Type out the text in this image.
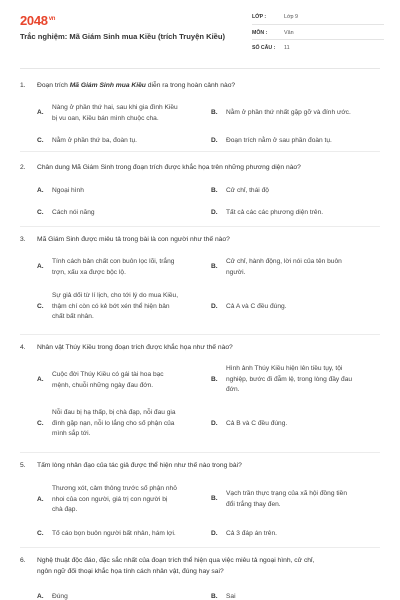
$2048^{vn}$
Trắc nghiệm: Mã Giám Sinh mua Kiều (trích Truyện Kiều)
LỚP :	Lớp 9
MÔN :	Văn
SỐ CÂU : 11
1. Đoạn trích Mã Giám Sinh mua Kiều diễn ra trong hoàn cảnh nào?
A.
Nàng ở phần thứ hai, sau khi gia đình Kiều
bị vu oan, Kiều bán mình chuộc cha.
B. Nằm ở phần thứ nhất gặp gỡ và đính ước.
C. Nằm ở phần thứ ba, đoàn tụ.	D. Đoạn trích nằm ở sau phần đoàn tụ.
2. Chân dung Mã Giám Sinh trong đoạn trích được khắc họa trên những phương diện nào?
A. Ngoại hình	B. Cử chỉ, thái độ
C. Cách nói năng	D. Tất cả các các phương diện trên.
3. Mã Giám Sinh được miêu tả trong bài là con người như thế nào?
A.
Tính cách bản chất con buôn lọc lõi, trắng
trợn, xấu xa được bộc lộ.
B.
Cử chỉ, hành động, lời nói của tên buôn
người.
C.
Sự giả dối từ lí lịch, cho tới lý do mua Kiều,
thậm chí còn có kẻ bớt xén thể hiện bản
chất bất nhân.
D. Cả A và C đều đúng.
4. Nhân vật Thúy Kiều trong đoạn trích được khắc họa như thế nào?
A.
Cuộc đời Thúy Kiều có gái tài hoa bạc
mệnh, chuỗi những ngày đau đớn.
B.
Hình ảnh Thúy Kiều hiện lên tiều tụy, tội
nghiệp, bước đi đẫm lệ, trong lòng đầy đau
đớn.
C.
Nỗi đau bị hạ thấp, bị chà đạp, nỗi đau gia
đình gặp nạn, nỗi lo lắng cho số phận của
mình sắp tới.
D. Cả B và C đều đúng.
5. Tấm lòng nhân đạo của tác giả được thể hiện như thế nào trong bài?
A.
Thương xót, cảm thông trước số phận nhỏ
nhoi của con người, giá trị con người bị
chà đạp.
B.
Vạch trần thực trạng của xã hội đồng tiền
đổi trắng thay đen.
C. Tố cáo bọn buôn người bất nhân, hám lợi.	D. Cả 3 đáp án trên.
6. Nghệ thuật độc đáo, đặc sắc nhất của đoạn trích thể hiện qua việc miêu tả ngoại hình, cử chỉ,
ngôn ngữ đối thoại khắc họa tính cách nhân vật, đúng hay sai?
A. Đúng	B. Sai
